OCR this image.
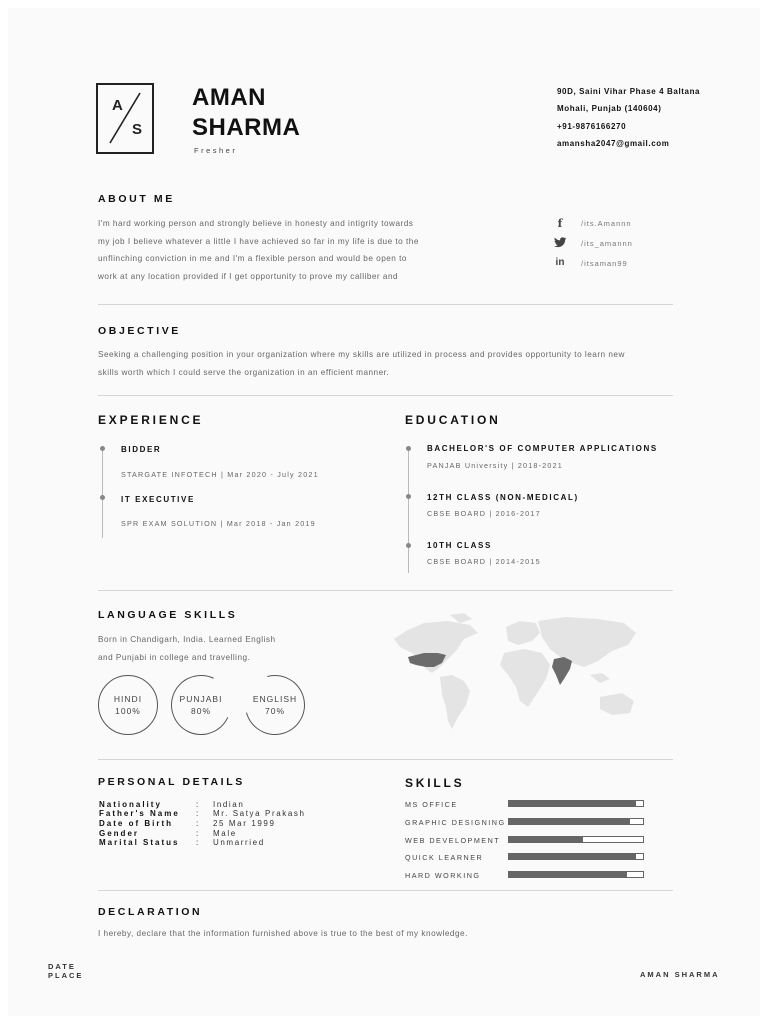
A
S
AMAN
SHARMA
Fresher
90D, Saini Vihar Phase 4 Baltana
Mohali, Punjab (140604)
+91-9876166270
amansha2047@gmail.com
ABOUT ME
I'm hard working person and strongly believe in honesty and intigrity towards
my job I believe whatever a little I have achieved so far in my life is due to the
unflinching conviction in me and I'm a flexible person and would be open to
work at any location provided if I get opportunity to prove my calliber and
f	/its.Amannn
/its_amannn
in	/itsaman99
OBJECTIVE
Seeking a challenging position in your organization where my skills are utilized in process and provides opportunity to learn new
skills worth which I could serve the organization in an efficient manner.
EXPERIENCE
BIDDER
STARGATE INFOTECH | Mar 2020 - July 2021
IT EXECUTIVE
SPR EXAM SOLUTION | Mar 2018 - Jan 2019
EDUCATION
BACHELOR'S OF COMPUTER APPLICATIONS
PANJAB University | 2018-2021
12TH CLASS (NON-MEDICAL)
CBSE BOARD | 2016-2017
10TH CLASS
CBSE BOARD | 2014-2015
LANGUAGE SKILLS
Born in Chandigarh, India. Learned English
and Punjabi in college and travelling.
HINDI
100%
PUNJABI
80%
ENGLISH
70%
PERSONAL DETAILS
Nationality	: Indian
Father's Name : Mr. Satya Prakash
Date of Birth	: 25 Mar 1999
Gender	: Male
Marital Status : Unmarried
SKILLS
MS OFFICE
GRAPHIC DESIGNING
WEB DEVELOPMENT
QUICK LEARNER
HARD WORKING
DECLARATION
I hereby, declare that the information furnished above is true to the best of my knowledge.
DATE
PLACE	AMAN SHARMA
